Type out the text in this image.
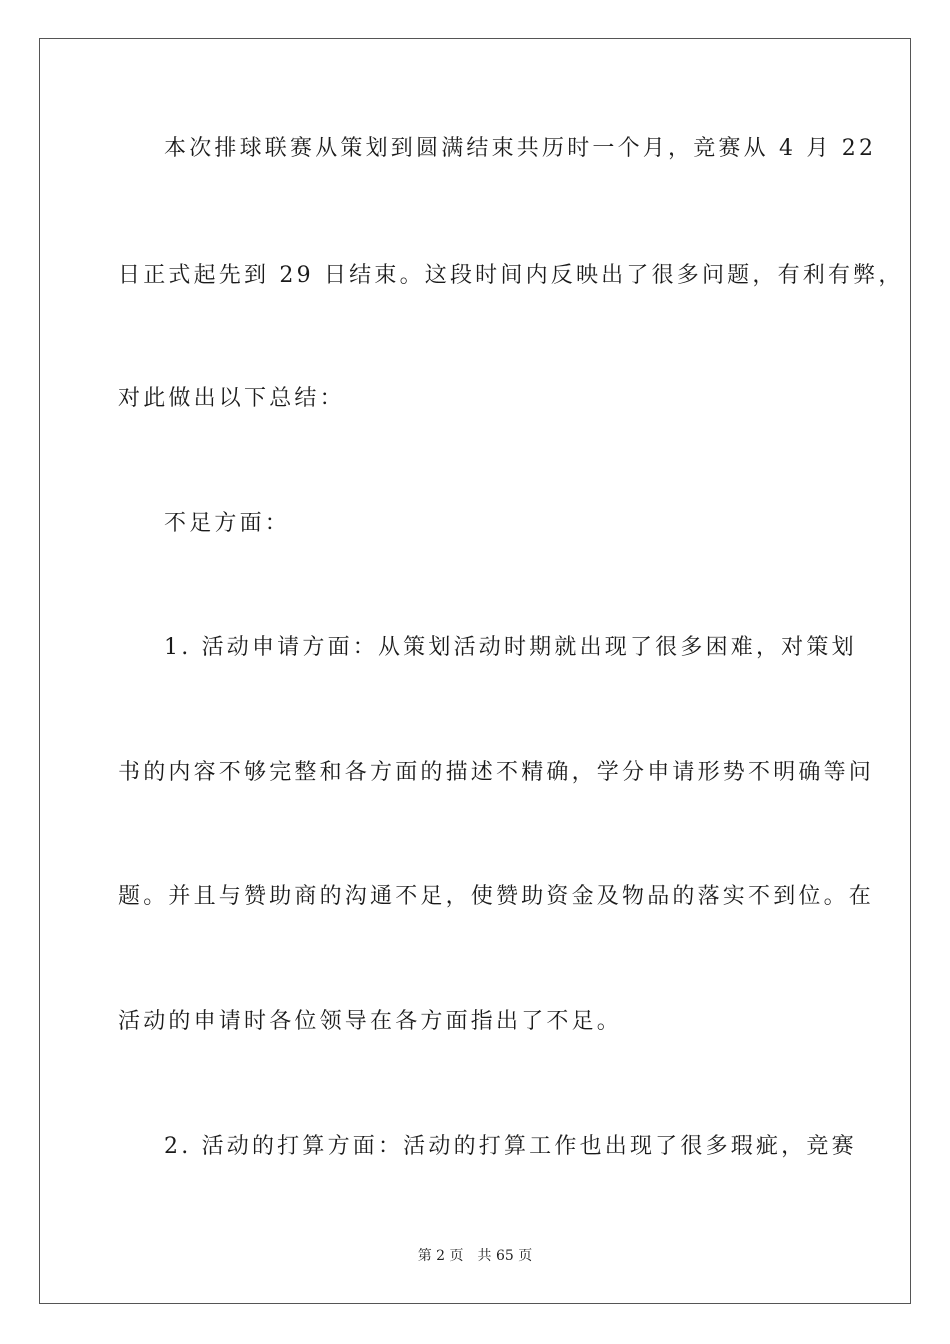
本次排球联赛从策划到圆满结束共历时一个月，竞赛从 4 月 22
日正式起先到 29 日结束。这段时间内反映出了很多问题，有利有弊，
对此做出以下总结：
不足方面：
1. 活动申请方面：从策划活动时期就出现了很多困难，对策划
书的内容不够完整和各方面的描述不精确，学分申请形势不明确等问
题。并且与赞助商的沟通不足，使赞助资金及物品的落实不到位。在
活动的申请时各位领导在各方面指出了不足。
2. 活动的打算方面：活动的打算工作也出现了很多瑕疵，竞赛
第 2 页 共 65 页
